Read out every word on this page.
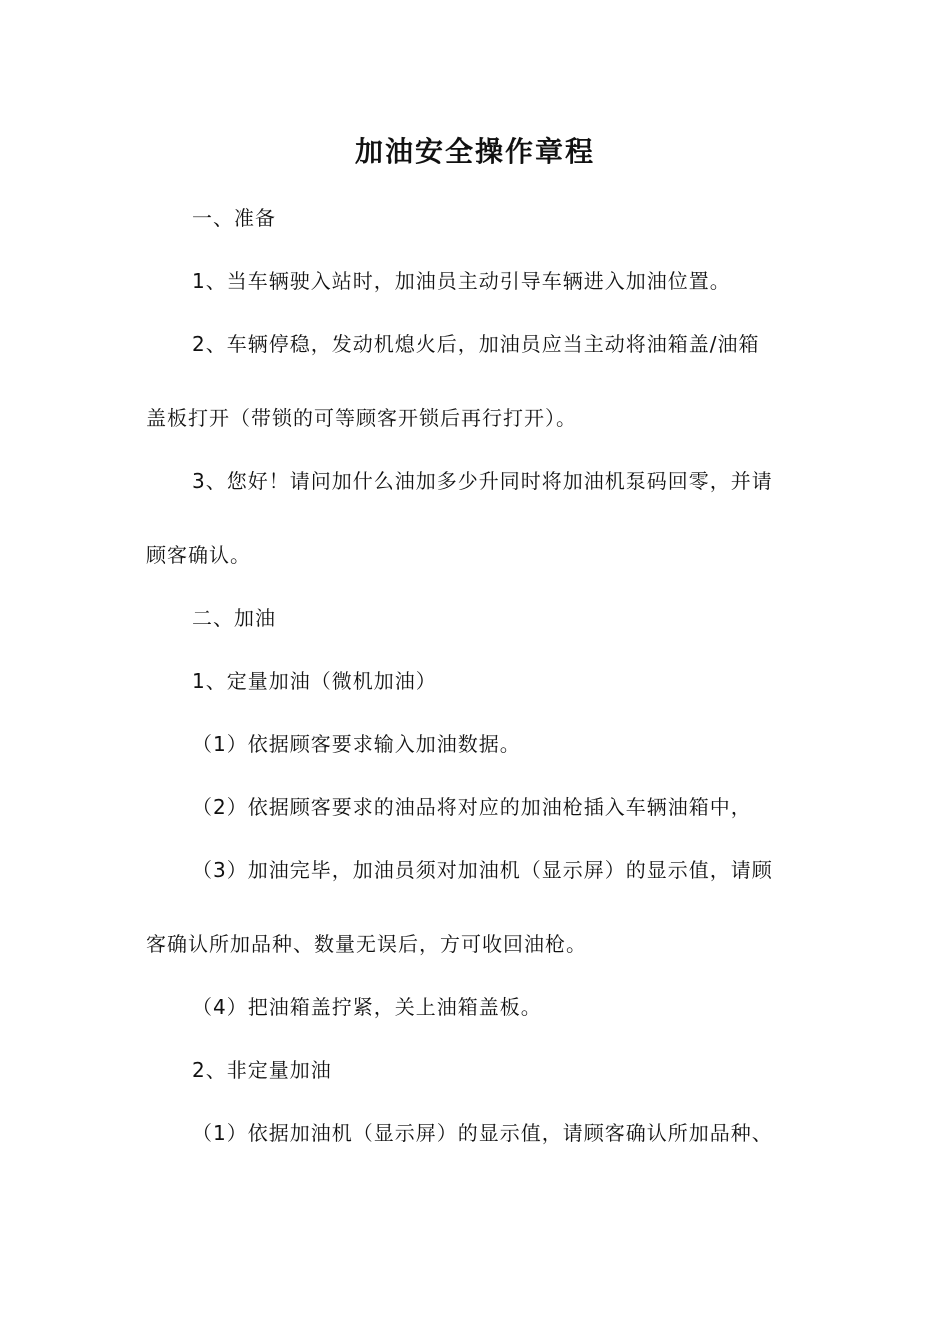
加油安全操作章程
一、准备
1、当车辆驶入站时，加油员主动引导车辆进入加油位置。
2、车辆停稳，发动机熄火后，加油员应当主动将油箱盖/油箱
盖板打开（带锁的可等顾客开锁后再行打开）。
3、您好！请问加什么油加多少升同时将加油机泵码回零，并请
顾客确认。
二、加油
1、定量加油（微机加油）
（1）依据顾客要求输入加油数据。
（2）依据顾客要求的油品将对应的加油枪插入车辆油箱中，
（3）加油完毕，加油员须对加油机（显示屏）的显示值，请顾
客确认所加品种、数量无误后，方可收回油枪。
（4）把油箱盖拧紧，关上油箱盖板。
2、非定量加油
（1）依据加油机（显示屏）的显示值，请顾客确认所加品种、
